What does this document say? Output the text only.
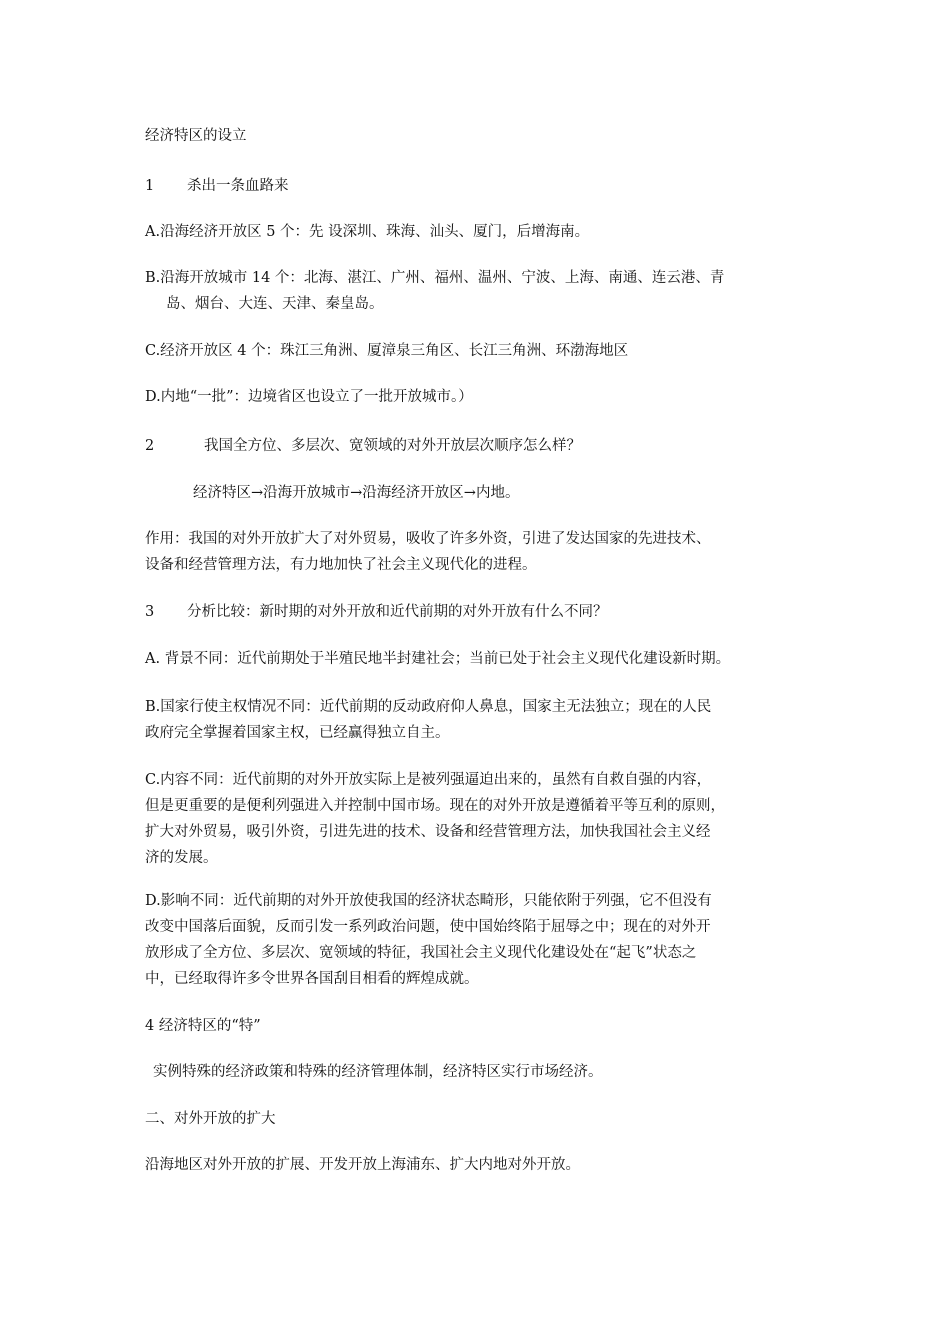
经济特区的设立
1 杀出一条血路来
A.沿海经济开放区 5 个：先 设深圳、珠海、汕头、厦门，后增海南。
B.沿海开放城市 14 个：北海、湛江、广州、福州、温州、宁波、上海、南通、连云港、青
岛、烟台、大连、天津、秦皇岛。
C.经济开放区 4 个：珠江三角洲、厦漳泉三角区、长江三角洲、环渤海地区
D.内地“一批”：边境省区也设立了一批开放城市。）
2	我国全方位、多层次、宽领域的对外开放层次顺序怎么样？
经济特区→沿海开放城市→沿海经济开放区→内地。
作用：我国的对外开放扩大了对外贸易，吸收了许多外资，引进了发达国家的先进技术、
设备和经营管理方法，有力地加快了社会主义现代化的进程。
3 分析比较：新时期的对外开放和近代前期的对外开放有什么不同？
A. 背景不同：近代前期处于半殖民地半封建社会；当前已处于社会主义现代化建设新时期。
B.国家行使主权情况不同：近代前期的反动政府仰人鼻息，国家主无法独立；现在的人民
政府完全掌握着国家主权，已经赢得独立自主。
C.内容不同：近代前期的对外开放实际上是被列强逼迫出来的，虽然有自救自强的内容，
但是更重要的是便利列强进入并控制中国市场。现在的对外开放是遵循着平等互利的原则，
扩大对外贸易，吸引外资，引进先进的技术、设备和经营管理方法，加快我国社会主义经
济的发展。
D.影响不同：近代前期的对外开放使我国的经济状态畸形，只能依附于列强，它不但没有
改变中国落后面貌，反而引发一系列政治问题，使中国始终陷于屈辱之中；现在的对外开
放形成了全方位、多层次、宽领域的特征，我国社会主义现代化建设处在“起飞”状态之
中，已经取得许多令世界各国刮目相看的辉煌成就。
4 经济特区的“特”
实例特殊的经济政策和特殊的经济管理体制，经济特区实行市场经济。
二、对外开放的扩大
沿海地区对外开放的扩展、开发开放上海浦东、扩大内地对外开放。
